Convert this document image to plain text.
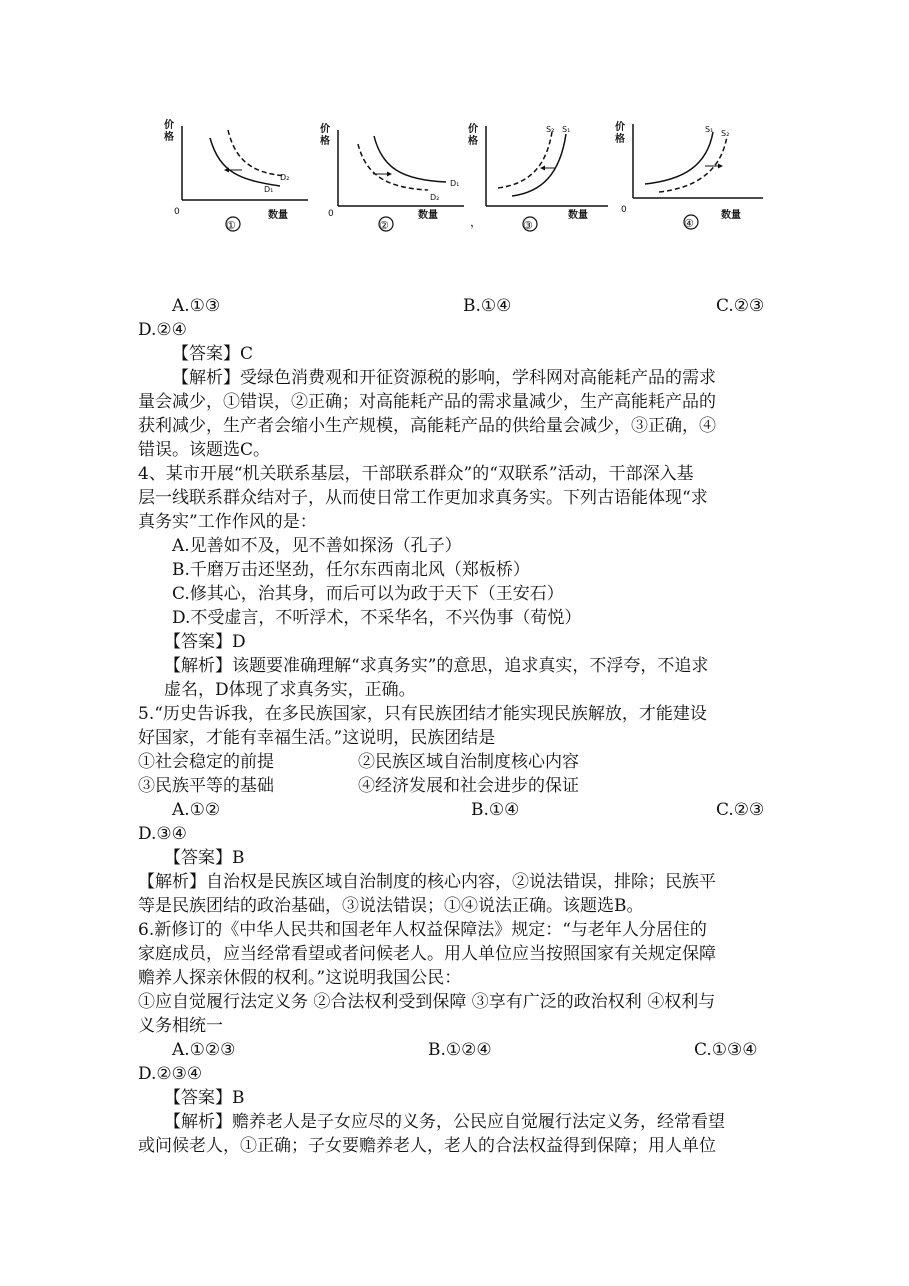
价
格
0	数量
D₂
D₁
①
价
格
0	数量
D₁
D₂
②
价
格
数量
S₂ S₁
，	③
价
格
0	数量
S₁ S₂
④
A.①③	B.①④	C.②③
D.②④
【答案】C
【解析】受绿色消费观和开征资源税的影响，学科网对高能耗产品的需求
量会减少，①错误，②正确；对高能耗产品的需求量减少，生产高能耗产品的
获利减少，生产者会缩小生产规模，高能耗产品的供给量会减少，③正确，④
错误。该题选C。
4、某市开展“机关联系基层，干部联系群众”的“双联系”活动，干部深入基
层一线联系群众结对子，从而使日常工作更加求真务实。下列古语能体现“求
真务实”工作作风的是：
A.见善如不及，见不善如探汤（孔子）
B.千磨万击还坚劲，任尔东西南北风（郑板桥）
C.修其心，治其身，而后可以为政于天下（王安石）
D.不受虚言，不听浮术，不采华名，不兴伪事（荀悦）
【答案】D
【解析】该题要准确理解“求真务实”的意思，追求真实，不浮夸，不追求
虚名，D体现了求真务实，正确。
5.“历史告诉我，在多民族国家，只有民族团结才能实现民族解放，才能建设
好国家，才能有幸福生活。”这说明，民族团结是
①社会稳定的前提	②民族区域自治制度核心内容
③民族平等的基础	④经济发展和社会进步的保证
A.①②	B.①④	C.②③
D.③④
【答案】B
【解析】自治权是民族区域自治制度的核心内容，②说法错误，排除；民族平
等是民族团结的政治基础，③说法错误；①④说法正确。该题选B。
6.新修订的《中华人民共和国老年人权益保障法》规定：“与老年人分居住的
家庭成员，应当经常看望或者问候老人。用人单位应当按照国家有关规定保障
赡养人探亲休假的权利。”这说明我国公民：
①应自觉履行法定义务 ②合法权利受到保障 ③享有广泛的政治权利 ④权利与
义务相统一
A.①②③	B.①②④	C.①③④
D.②③④
【答案】B
【解析】赡养老人是子女应尽的义务，公民应自觉履行法定义务，经常看望
或问候老人，①正确；子女要赡养老人，老人的合法权益得到保障；用人单位
